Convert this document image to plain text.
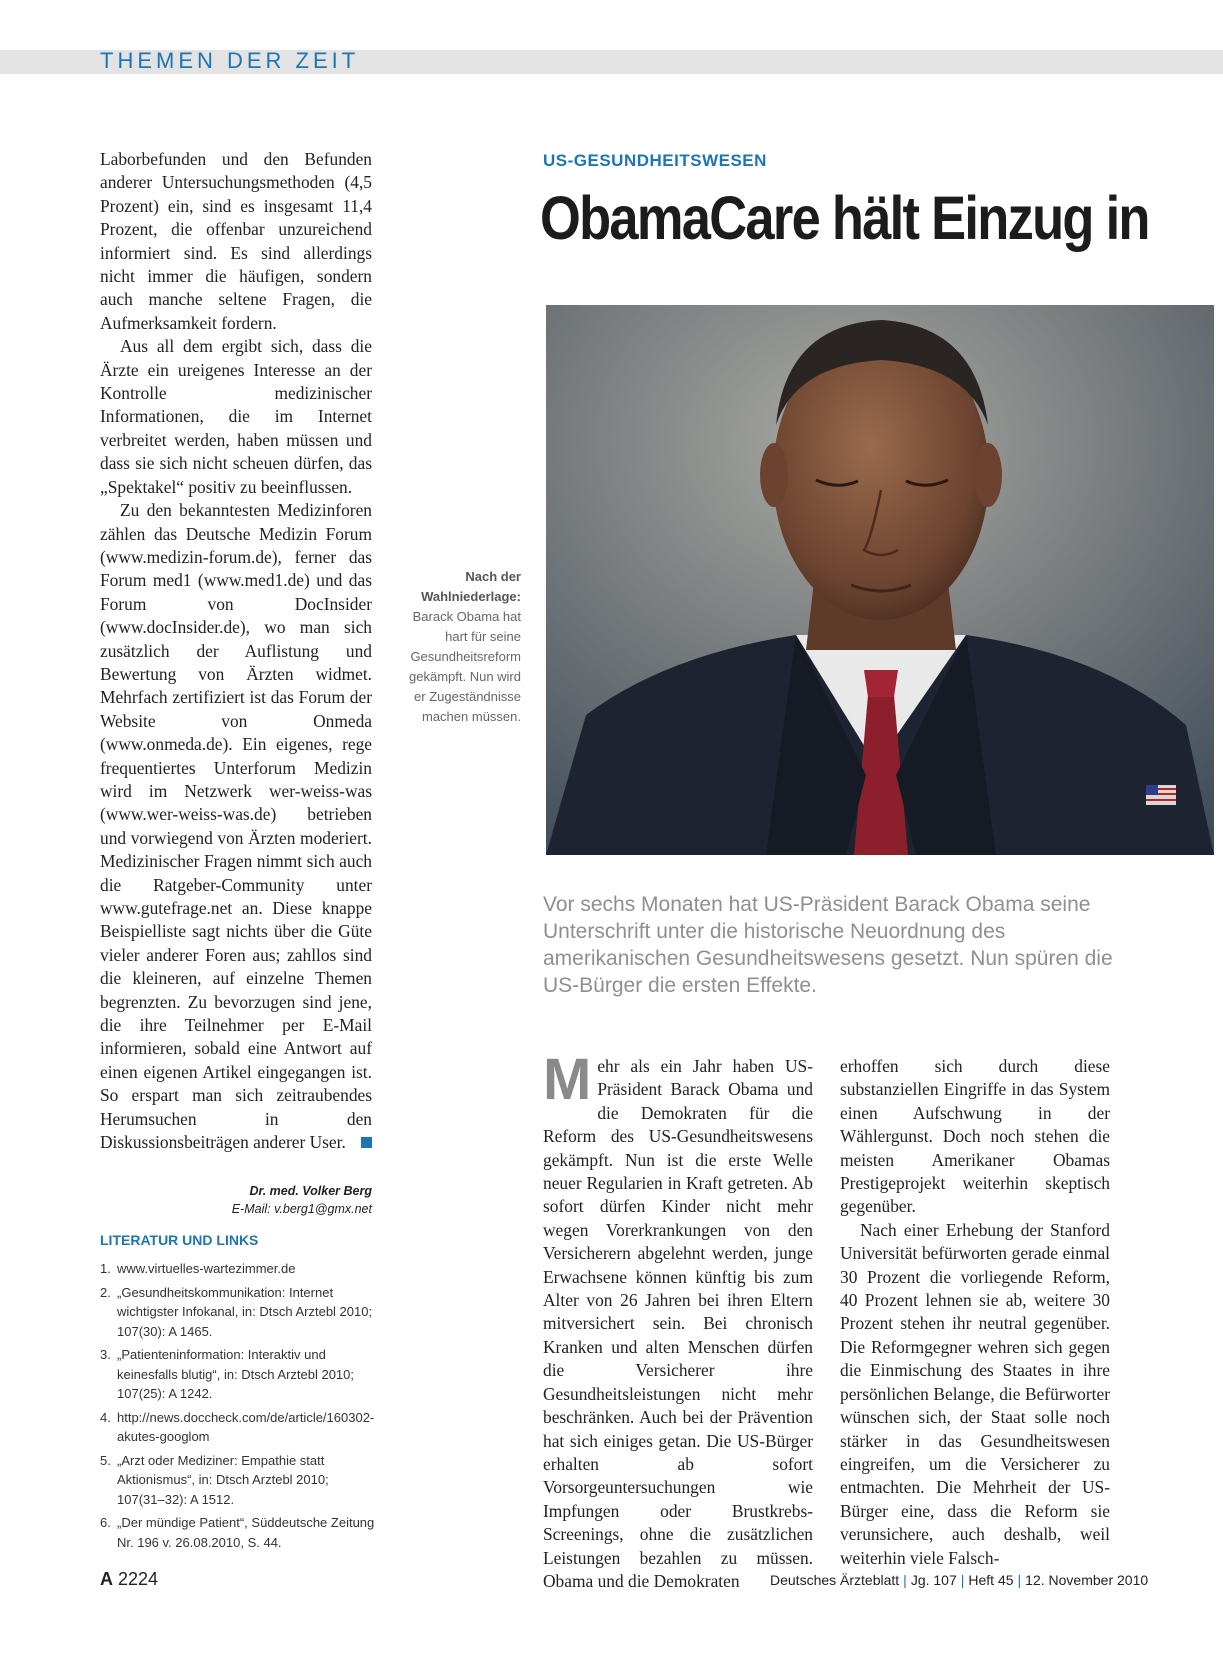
THEMEN DER ZEIT

Laborbefunden und den Befunden anderer Untersuchungsmethoden (4,5 Prozent) ein, sind es insgesamt 11,4 Prozent, die offenbar unzureichend informiert sind. Es sind allerdings nicht immer die häufigen, sondern auch manche seltene Fragen, die Aufmerksamkeit fordern.

Aus all dem ergibt sich, dass die Ärzte ein ureigenes Interesse an der Kontrolle medizinischer Informationen, die im Internet verbreitet werden, haben müssen und dass sie sich nicht scheuen dürfen, das „Spektakel“ positiv zu beeinflussen.

Zu den bekanntesten Medizinforen zählen das Deutsche Medizin Forum (www.medizin-forum.de), ferner das Forum med1 (www.med1.de) und das Forum von DocInsider (www.docInsider.de), wo man sich zusätzlich der Auflistung und Bewertung von Ärzten widmet. Mehrfach zertifiziert ist das Forum der Website von Onmeda (www.onmeda.de). Ein eigenes, rege frequentiertes Unterforum Medizin wird im Netzwerk wer-weiss-was (www.wer-weiss-was.de) betrieben und vorwiegend von Ärzten moderiert. Medizinischer Fragen nimmt sich auch die Ratgeber-Community unter www.gutefrage.net an. Diese knappe Beispielliste sagt nichts über die Güte vieler anderer Foren aus; zahllos sind die kleineren, auf einzelne Themen begrenzten. Zu bevorzugen sind jene, die ihre Teilnehmer per E-Mail informieren, sobald eine Antwort auf einen eigenen Artikel eingegangen ist. So erspart man sich zeitraubendes Herumsuchen in den Diskussionsbeiträgen anderer User.

Dr. med. Volker Berg
E-Mail: v.berg1@gmx.net
LITERATUR UND LINKS
1. www.virtuelles-wartezimmer.de
2. „Gesundheitskommunikation: Internet wichtigster Infokanal, in: Dtsch Arztebl 2010; 107(30): A 1465.
3. „Patienteninformation: Interaktiv und keinesfalls blutig“, in: Dtsch Arztebl 2010; 107(25): A 1242.
4. http://news.doccheck.com/de/article/160302-akutes-googlom
5. „Arzt oder Mediziner: Empathie statt Aktionismus“, in: Dtsch Arztebl 2010; 107(31–32): A 1512.
6. „Der mündige Patient“, Süddeutsche Zeitung Nr. 196 v. 26.08.2010, S. 44.
Nach der Wahlniederlage: Barack Obama hat hart für seine Gesundheitsreform gekämpft. Nun wird er Zugeständnisse machen müssen.
US-GESUNDHEITSWESEN
ObamaCare hält Einzug in
Vor sechs Monaten hat US-Präsident Barack Obama seine Unterschrift unter die historische Neuordnung des amerikanischen Gesundheitswesens gesetzt. Nun spüren die US-Bürger die ersten Effekte.

Mehr als ein Jahr haben US-Präsident Barack Obama und die Demokraten für die Reform des US-Gesundheitswesens gekämpft. Nun ist die erste Welle neuer Regularien in Kraft getreten. Ab sofort dürfen Kinder nicht mehr wegen Vorerkrankungen von den Versicherern abgelehnt werden, junge Erwachsene können künftig bis zum Alter von 26 Jahren bei ihren Eltern mitversichert sein. Bei chronisch Kranken und alten Menschen dürfen die Versicherer ihre Gesundheitsleistungen nicht mehr beschränken. Auch bei der Prävention hat sich einiges getan. Die US-Bürger erhalten ab sofort Vorsorgeuntersuchungen wie Impfungen oder Brustkrebs-Screenings, ohne die zusätzlichen Leistungen bezahlen zu müssen. Obama und die Demokraten

erhoffen sich durch diese substanziellen Eingriffe in das System einen Aufschwung in der Wählergunst. Doch noch stehen die meisten Amerikaner Obamas Prestigeprojekt weiterhin skeptisch gegenüber.

Nach einer Erhebung der Stanford Universität befürworten gerade einmal 30 Prozent die vorliegende Reform, 40 Prozent lehnen sie ab, weitere 30 Prozent stehen ihr neutral gegenüber. Die Reformgegner wehren sich gegen die Einmischung des Staates in ihre persönlichen Belange, die Befürworter wünschen sich, der Staat solle noch stärker in das Gesundheitswesen eingreifen, um die Versicherer zu entmachten. Die Mehrheit der US-Bürger eine, dass die Reform sie verunsichere, auch deshalb, weil weiterhin viele Falsch-

A 2224	Deutsches Ärzteblatt | Jg. 107 | Heft 45 | 12. November 2010
